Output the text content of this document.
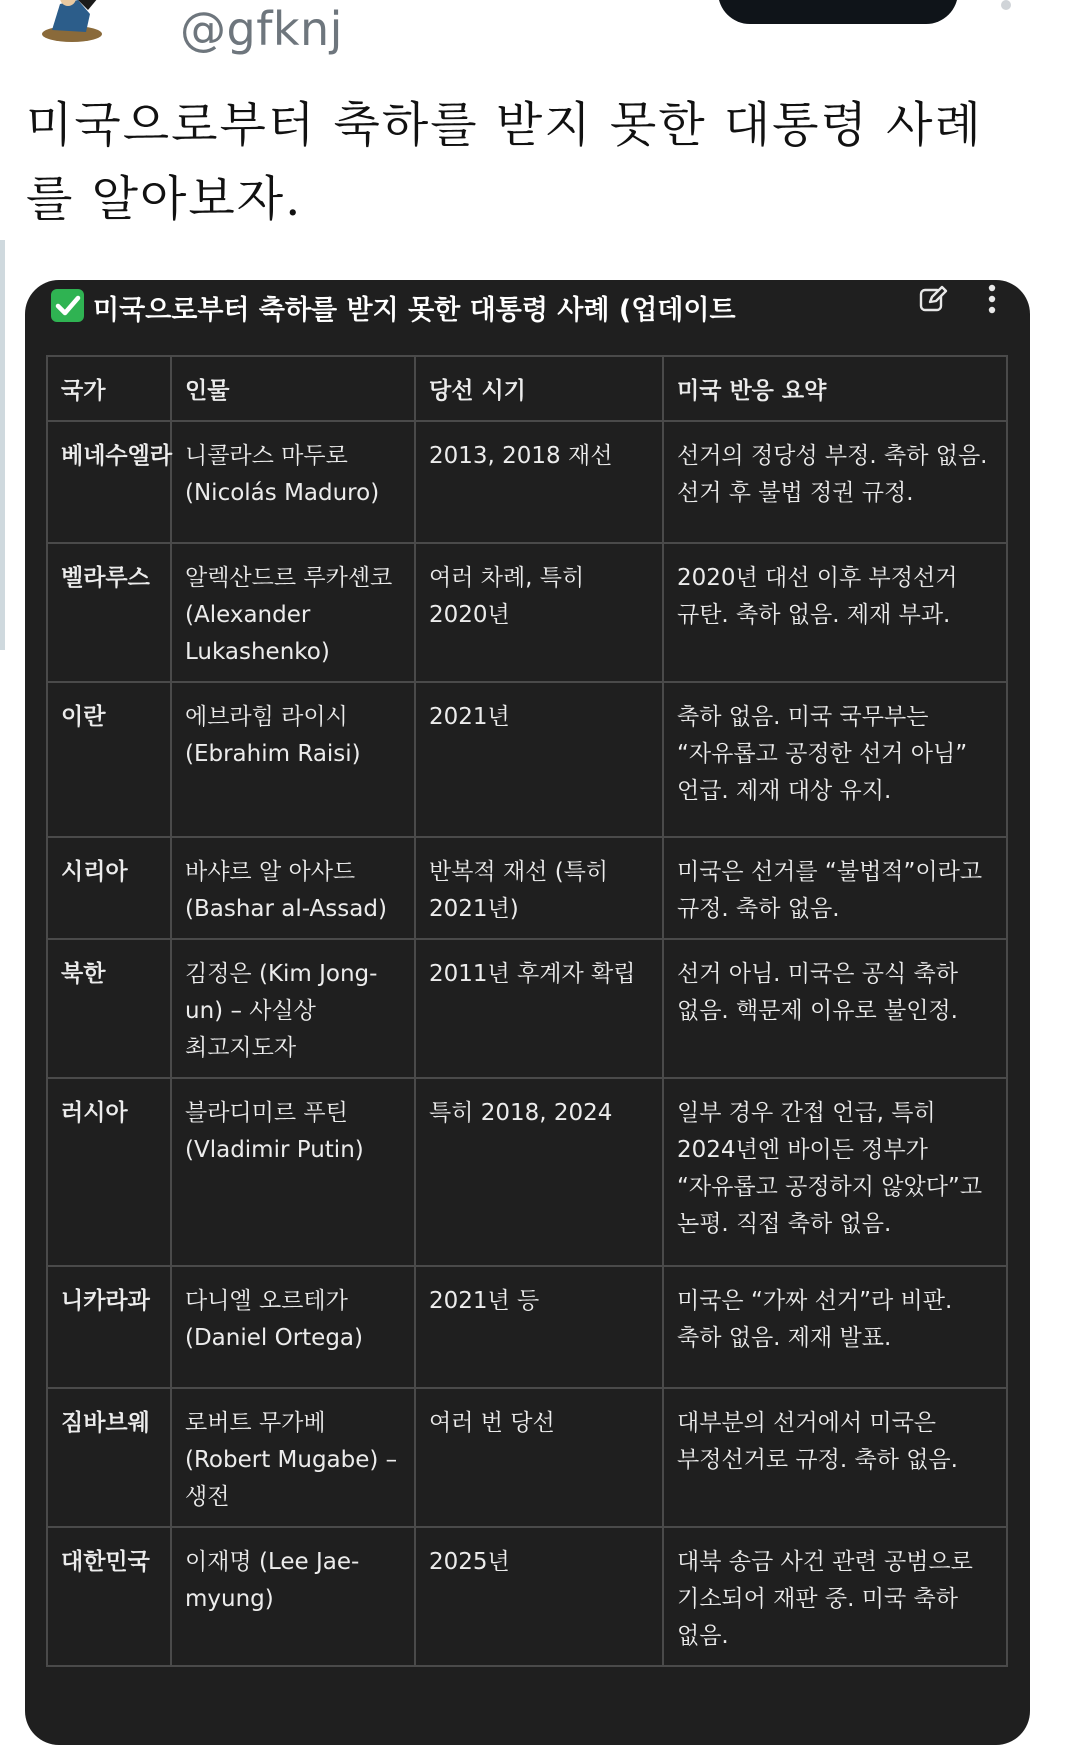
@gfknj
미국으로부터 축하를 받지 못한 대통령 사례를 알아보자.
미국으로부터 축하를 받지 못한 대통령 사례 (업데이트
국가	인물	당선 시기	미국 반응 요약
베네수엘라	니콜라스 마두로 (Nicolás Maduro)	2013, 2018 재선	선거의 정당성 부정. 축하 없음. 선거 후 불법 정권 규정.
벨라루스	알렉산드르 루카셴코 (Alexander Lukashenko)	여러 차례, 특히 2020년	2020년 대선 이후 부정선거 규탄. 축하 없음. 제재 부과.
이란	에브라힘 라이시 (Ebrahim Raisi)	2021년	축하 없음. 미국 국무부는 “자유롭고 공정한 선거 아님” 언급. 제재 대상 유지.
시리아	바샤르 알 아사드 (Bashar al-Assad)	반복적 재선 (특히 2021년)	미국은 선거를 “불법적”이라고 규정. 축하 없음.
북한	김정은 (Kim Jong-un) – 사실상 최고지도자	2011년 후계자 확립	선거 아님. 미국은 공식 축하 없음. 핵문제 이유로 불인정.
러시아	블라디미르 푸틴 (Vladimir Putin)	특히 2018, 2024	일부 경우 간접 언급, 특히 2024년엔 바이든 정부가 “자유롭고 공정하지 않았다”고 논평. 직접 축하 없음.
니카라과	다니엘 오르테가 (Daniel Ortega)	2021년 등	미국은 “가짜 선거”라 비판. 축하 없음. 제재 발표.
짐바브웨	로버트 무가베 (Robert Mugabe) – 생전	여러 번 당선	대부분의 선거에서 미국은 부정선거로 규정. 축하 없음.
대한민국	이재명 (Lee Jae-myung)	2025년	대북 송금 사건 관련 공범으로 기소되어 재판 중. 미국 축하 없음.
